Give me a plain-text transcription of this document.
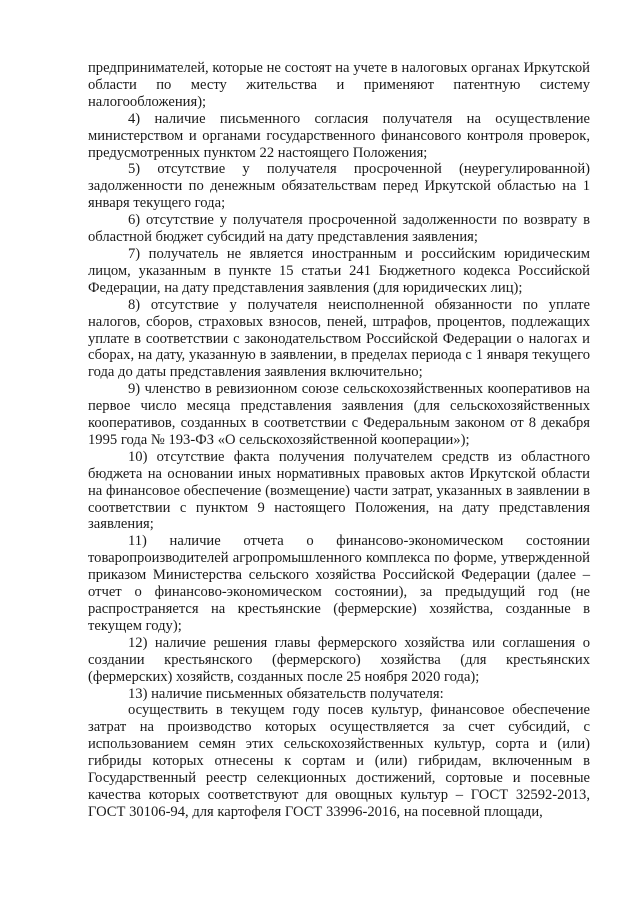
предпринимателей, которые не состоят на учете в налоговых органах Иркутской области по месту жительства и применяют патентную систему налогообложения);

4) наличие письменного согласия получателя на осуществление министерством и органами государственного финансового контроля проверок, предусмотренных пунктом 22 настоящего Положения;

5) отсутствие у получателя просроченной (неурегулированной) задолженности по денежным обязательствам перед Иркутской областью на 1 января текущего года;

6) отсутствие у получателя просроченной задолженности по возврату в областной бюджет субсидий на дату представления заявления;

7) получатель не является иностранным и российским юридическим лицом, указанным в пункте 15 статьи 241 Бюджетного кодекса Российской Федерации, на дату представления заявления (для юридических лиц);

8) отсутствие у получателя неисполненной обязанности по уплате налогов, сборов, страховых взносов, пеней, штрафов, процентов, подлежащих уплате в соответствии с законодательством Российской Федерации о налогах и сборах, на дату, указанную в заявлении, в пределах периода с 1 января текущего года до даты представления заявления включительно;

9) членство в ревизионном союзе сельскохозяйственных кооперативов на первое число месяца представления заявления (для сельскохозяйственных кооперативов, созданных в соответствии с Федеральным законом от 8 декабря 1995 года № 193-ФЗ «О сельскохозяйственной кооперации»);

10) отсутствие факта получения получателем средств из областного бюджета на основании иных нормативных правовых актов Иркутской области на финансовое обеспечение (возмещение) части затрат, указанных в заявлении в соответствии с пунктом 9 настоящего Положения, на дату представления заявления;

11) наличие отчета о финансово-экономическом состоянии товаропроизводителей агропромышленного комплекса по форме, утвержденной приказом Министерства сельского хозяйства Российской Федерации (далее – отчет о финансово-экономическом состоянии), за предыдущий год (не распространяется на крестьянские (фермерские) хозяйства, созданные в текущем году);

12) наличие решения главы фермерского хозяйства или соглашения о создании крестьянского (фермерского) хозяйства (для крестьянских (фермерских) хозяйств, созданных после 25 ноября 2020 года);

13) наличие письменных обязательств получателя:

осуществить в текущем году посев культур, финансовое обеспечение затрат на производство которых осуществляется за счет субсидий, с использованием семян этих сельскохозяйственных культур, сорта и (или) гибриды которых отнесены к сортам и (или) гибридам, включенным в Государственный реестр селекционных достижений, сортовые и посевные качества которых соответствуют для овощных культур – ГОСТ 32592-2013, ГОСТ 30106-94, для картофеля ГОСТ 33996-2016, на посевной площади,
